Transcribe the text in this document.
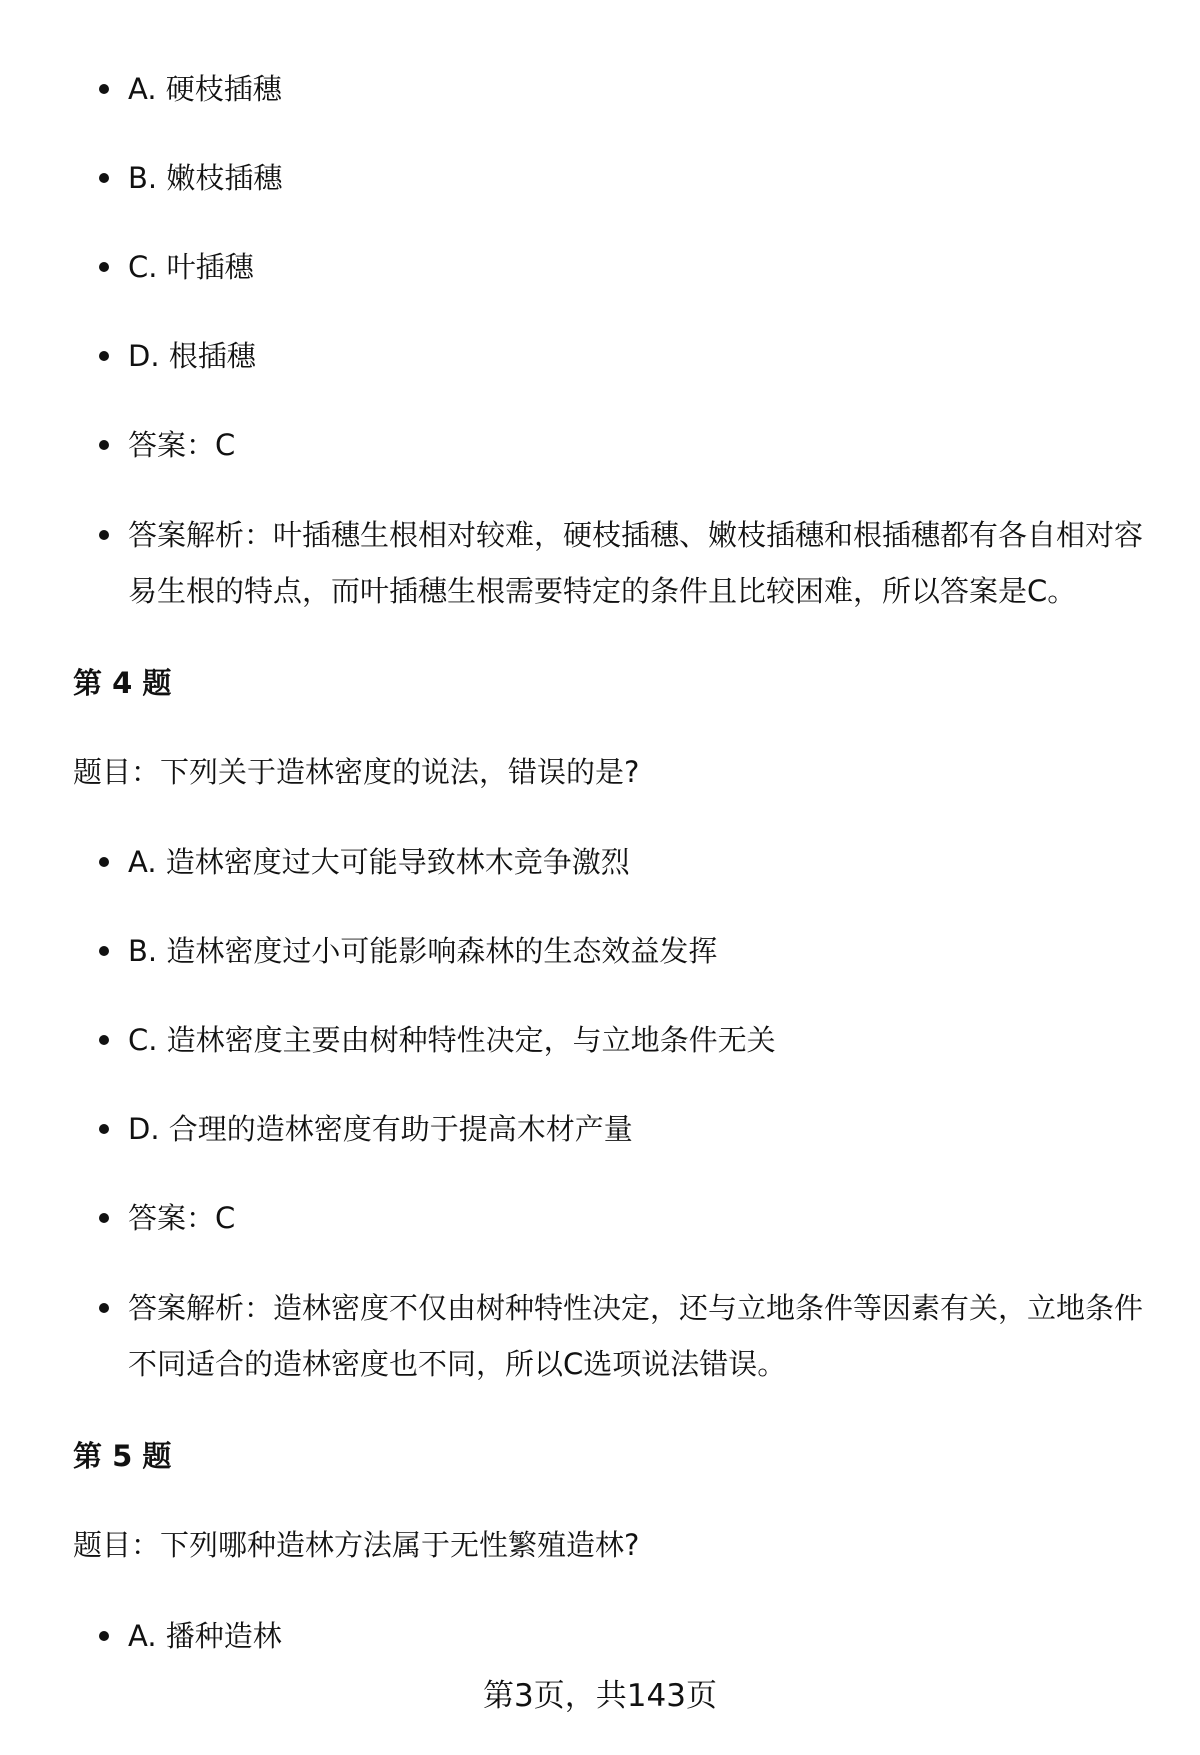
A. 硬枝插穗
B. 嫩枝插穗
C. 叶插穗
D. 根插穗
答案：C
答案解析：叶插穗生根相对较难，硬枝插穗、嫩枝插穗和根插穗都有各自相对容易生根的特点，而叶插穗生根需要特定的条件且比较困难，所以答案是C。
第 4 题
题目：下列关于造林密度的说法，错误的是?
A. 造林密度过大可能导致林木竞争激烈
B. 造林密度过小可能影响森林的生态效益发挥
C. 造林密度主要由树种特性决定，与立地条件无关
D. 合理的造林密度有助于提高木材产量
答案：C
答案解析：造林密度不仅由树种特性决定，还与立地条件等因素有关，立地条件不同适合的造林密度也不同，所以C选项说法错误。
第 5 题
题目：下列哪种造林方法属于无性繁殖造林?
A. 播种造林
第3页，共143页
